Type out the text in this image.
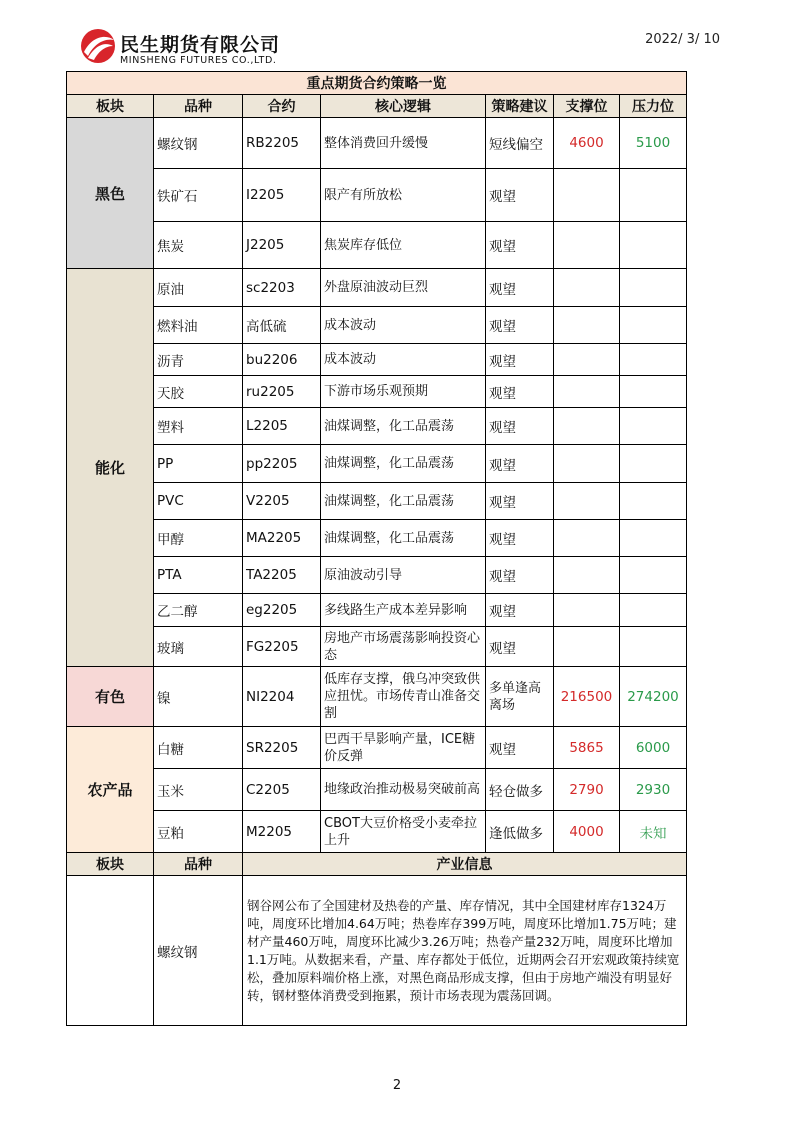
民生期货有限公司
MINSHENG FUTURES CO.,LTD.
2022/ 3/ 10
重点期货合约策略一览						
板块	品种	合约	核心逻辑	策略建议	支撑位	压力位
黑色	螺纹钢	RB2205	整体消费回升缓慢	短线偏空	4600	5100
	铁矿石	I2205	限产有所放松	观望		
	焦炭	J2205	焦炭库存低位	观望		
能化	原油	sc2203	外盘原油波动巨烈	观望		
	燃料油	高低硫	成本波动	观望		
	沥青	bu2206	成本波动	观望		
	天胶	ru2205	下游市场乐观预期	观望		
	塑料	L2205	油煤调整，化工品震荡	观望		
	PP	pp2205	油煤调整，化工品震荡	观望		
	PVC	V2205	油煤调整，化工品震荡	观望		
	甲醇	MA2205	油煤调整，化工品震荡	观望		
	PTA	TA2205	原油波动引导	观望		
	乙二醇	eg2205	多线路生产成本差异影响	观望		
	玻璃	FG2205	房地产市场震荡影响投资心态	观望		
有色	镍	NI2204	低库存支撑，俄乌冲突致供应扭忧。市场传青山准备交割	多单逢高离场	216500	274200
农产品	白糖	SR2205	巴西干旱影响产量，ICE糖价反弹	观望	5865	6000
	玉米	C2205	地缘政治推动极易突破前高	轻仓做多	2790	2930
	豆粕	M2205	CBOT大豆价格受小麦牵拉上升	逢低做多	4000	未知
板块	品种	产业信息				
	螺纹钢	钢谷网公布了全国建材及热卷的产量、库存情况，其中全国建材库存1324万吨，周度环比增加4.64万吨；热卷库存399万吨，周度环比增加1.75万吨；建材产量460万吨，周度环比减少3.26万吨；热卷产量232万吨，周度环比增加1.1万吨。从数据来看，产量、库存都处于低位，近期两会召开宏观政策持续宽松，叠加原料端价格上涨，对黑色商品形成支撑，但由于房地产端没有明显好转，钢材整体消费受到拖累，预计市场表现为震荡回调。				
2
